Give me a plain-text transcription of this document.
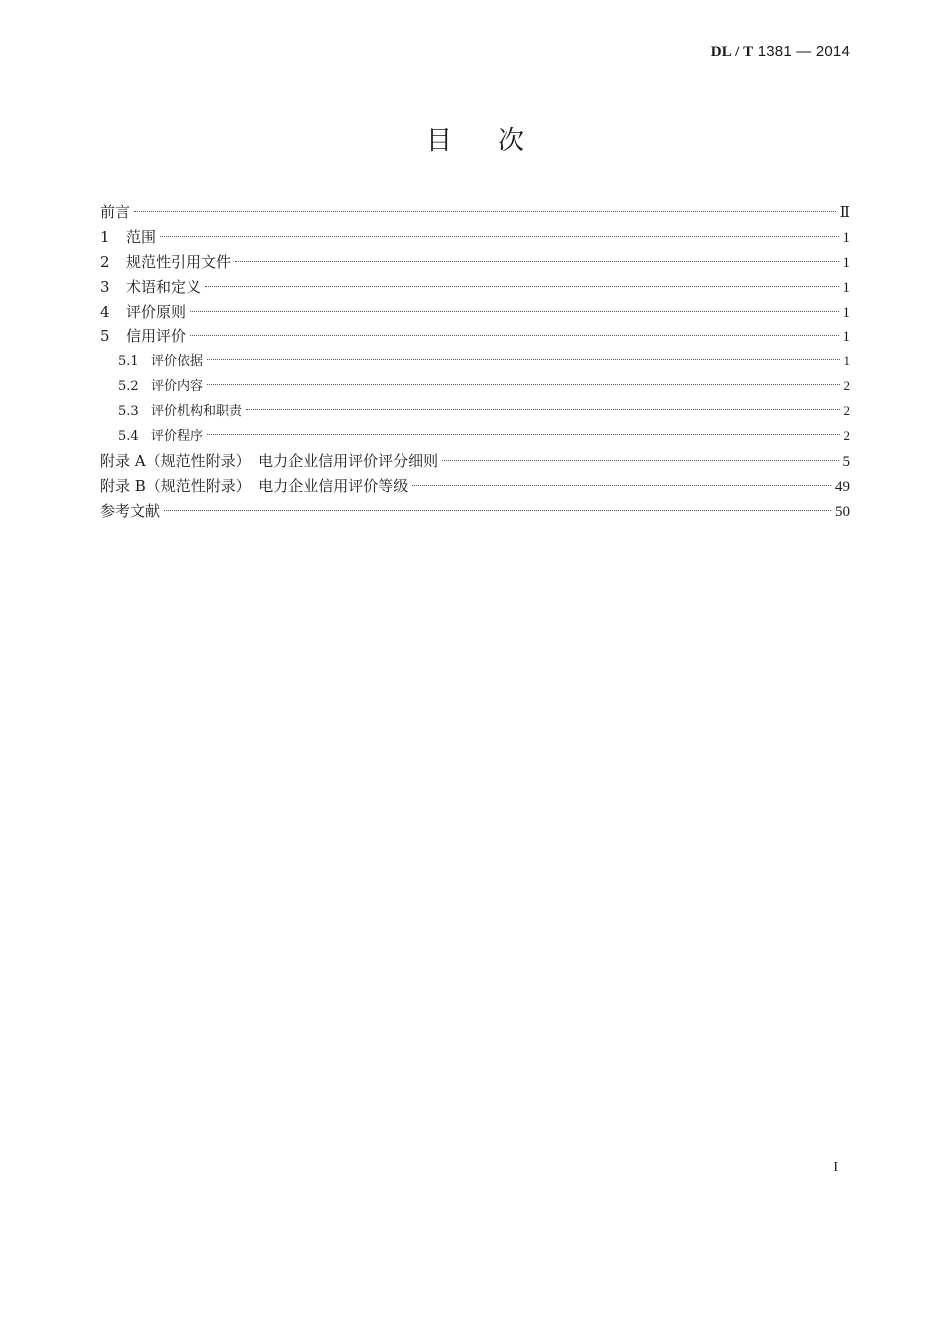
DL / T 1381 — 2014
目次
前言	Ⅱ
1	范围	1
2	规范性引用文件	1
3	术语和定义	1
4	评价原则	1
5	信用评价	1
5.1 评价依据	1
5.2 评价内容	2
5.3 评价机构和职责	2
5.4 评价程序	2
附录 A（规范性附录）　电力企业信用评价评分细则	5
附录 B（规范性附录）　电力企业信用评价等级	49
参考文献	50
I
